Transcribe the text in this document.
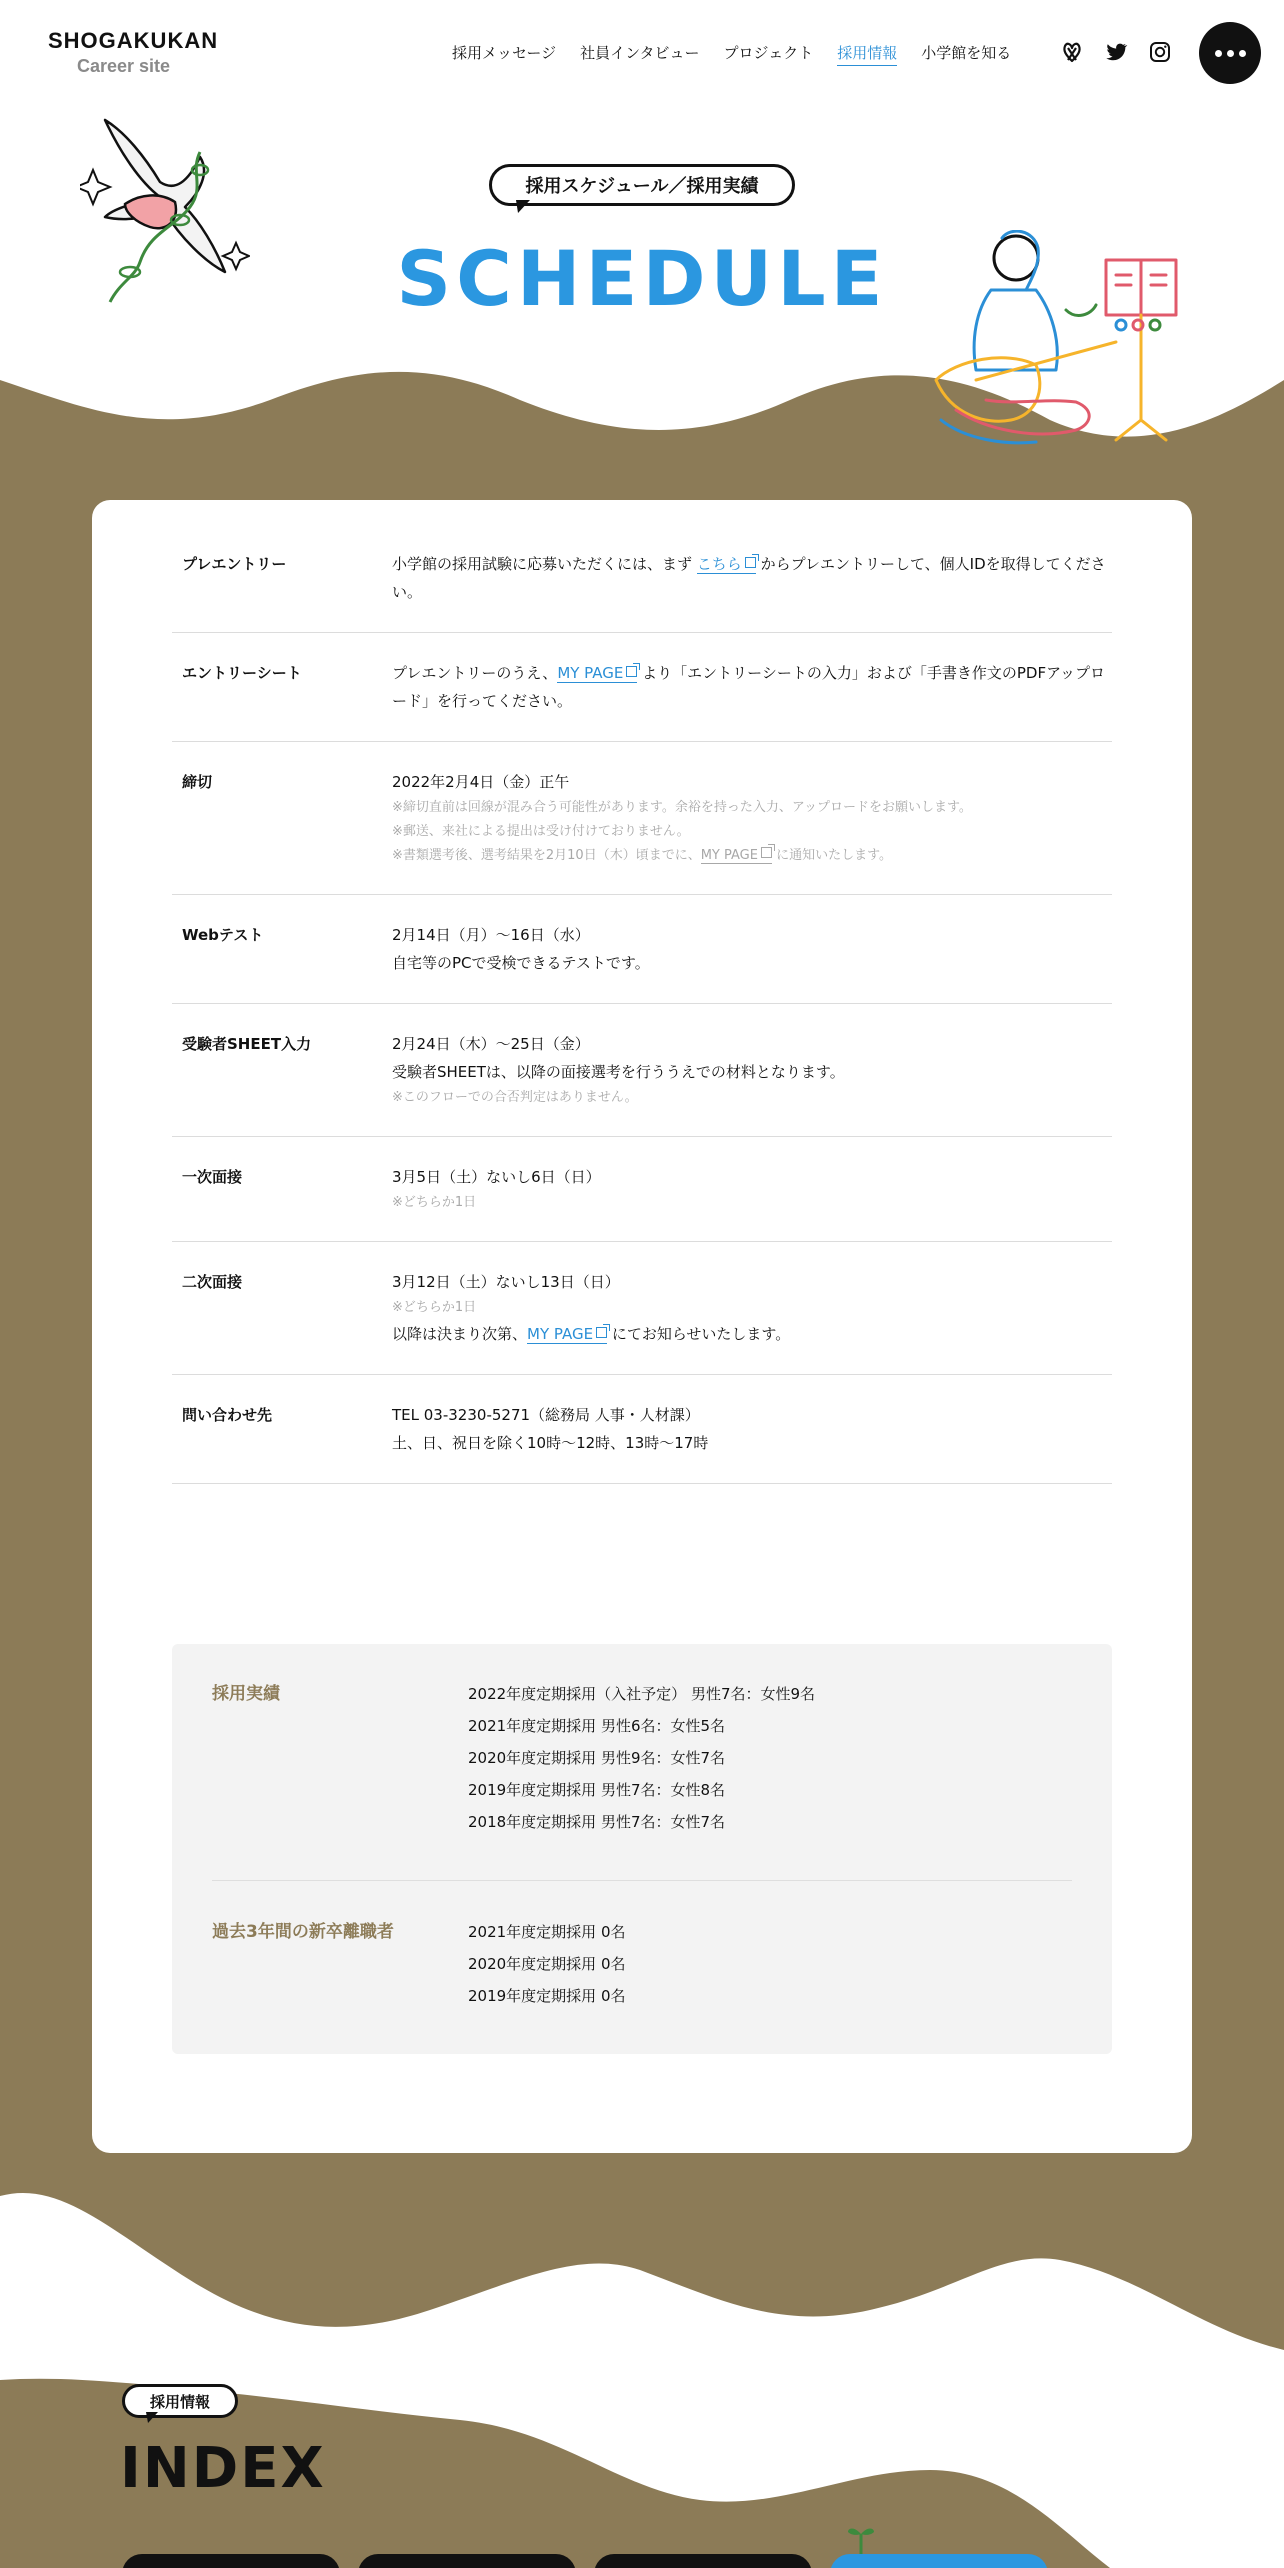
SHOGAKUKAN
Career site
採用メッセージ 社員インタビュー プロジェクト 採用情報 小学館を知る
採用スケジュール／採用実績
SCHEDULE
プレエントリー	小学館の採用試験に応募いただくには、まず こちら からプレエントリーして、個人IDを取得してください。

エントリーシート	プレエントリーのうえ、MY PAGE より「エントリーシートの入力」および「手書き作文のPDFアップロード」を行ってください。

締切	2022年2月4日（金）正午

※締切直前は回線が混み合う可能性があります。余裕を持った入力、アップロードをお願いします。

※郵送、来社による提出は受け付けておりません。

※書類選考後、選考結果を2月10日（木）頃までに、MY PAGE に通知いたします。

Webテスト	2月14日（月）〜16日（水）

自宅等のPCで受検できるテストです。

受験者SHEET入力	2月24日（木）〜25日（金）

受験者SHEETは、以降の面接選考を行ううえでの材料となります。

※このフローでの合否判定はありません。

一次面接	3月5日（土）ないし6日（日）

※どちらか1日

二次面接	3月12日（土）ないし13日（日）

※どちらか1日

以降は決まり次第、MY PAGE にてお知らせいたします。

問い合わせ先	TEL 03-3230-5271（総務局 人事・人材課）

土、日、祝日を除く10時〜12時、13時〜17時

採用実績	2022年度定期採用（入社予定） 男性7名：女性9名

2021年度定期採用 男性6名：女性5名

2020年度定期採用 男性9名：女性7名

2019年度定期採用 男性7名：女性8名

2018年度定期採用 男性7名：女性7名

過去3年間の新卒離職者	2021年度定期採用 0名

2020年度定期採用 0名

2019年度定期採用 0名

採用情報
INDEX
